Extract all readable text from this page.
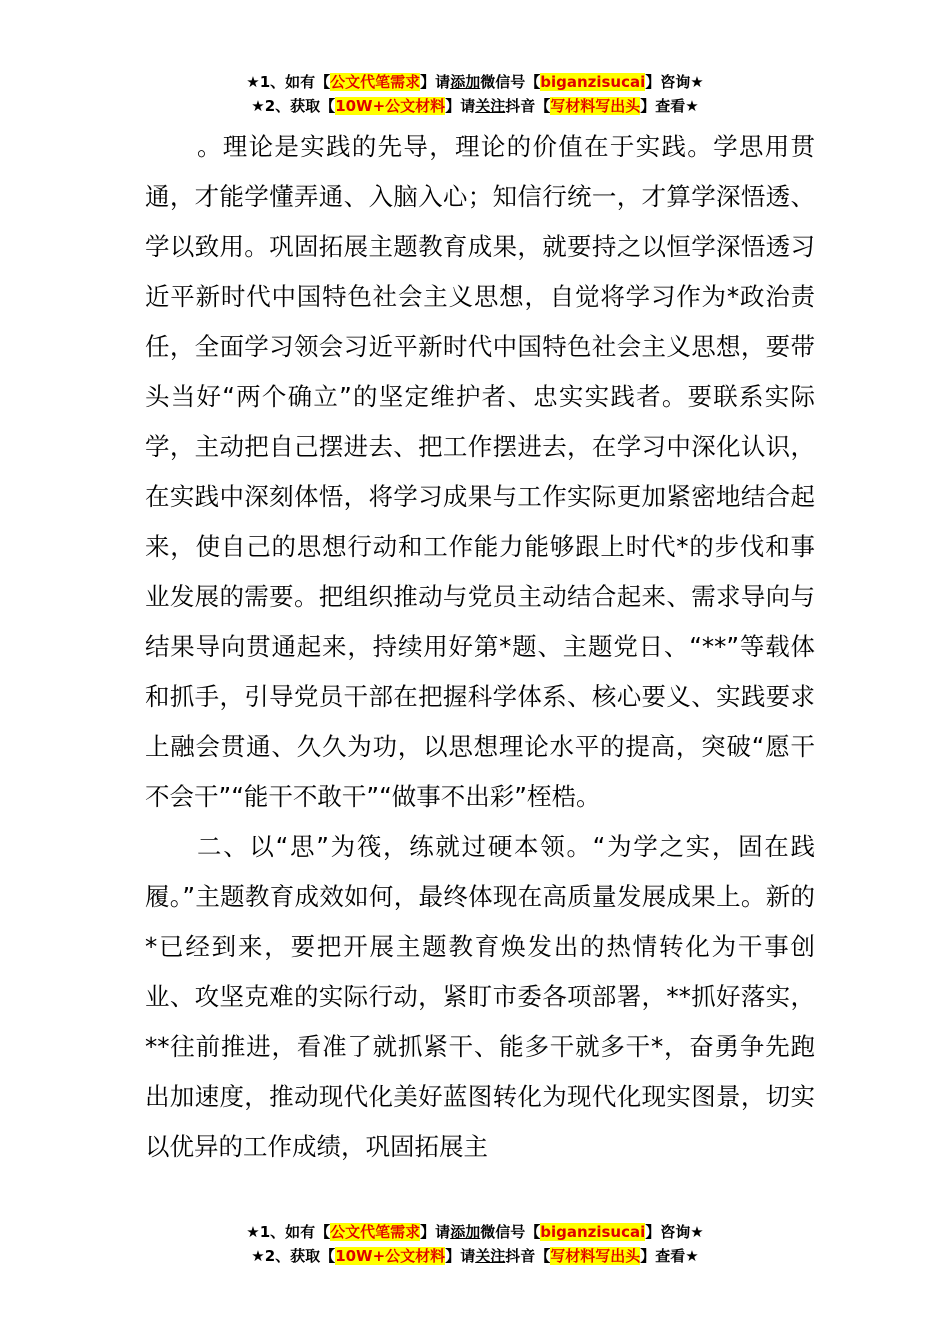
★1、如有【公文代笔需求】请添加微信号【biganzisucai】咨询★
★2、获取【10W+公文材料】请关注抖音【写材料写出头】查看★

。理论是实践的先导，理论的价值在于实践。学思用贯通，才能学懂弄通、入脑入心；知信行统一，才算学深悟透、学以致用。巩固拓展主题教育成果，就要持之以恒学深悟透习近平新时代中国特色社会主义思想，自觉将学习作为*政治责任，全面学习领会习近平新时代中国特色社会主义思想，要带头当好“两个确立”的坚定维护者、忠实实践者。要联系实际学，主动把自己摆进去、把工作摆进去，在学习中深化认识，在实践中深刻体悟，将学习成果与工作实际更加紧密地结合起来，使自己的思想行动和工作能力能够跟上时代*的步伐和事业发展的需要。把组织推动与党员主动结合起来、需求导向与结果导向贯通起来，持续用好第*题、主题党日、“**”等载体和抓手，引导党员干部在把握科学体系、核心要义、实践要求上融会贯通、久久为功，以思想理论水平的提高，突破“愿干不会干”“能干不敢干”“做事不出彩”桎梏。

二、以“思”为筏，练就过硬本领。“为学之实，固在践履。”主题教育成效如何，最终体现在高质量发展成果上。新的*已经到来，要把开展主题教育焕发出的热情转化为干事创业、攻坚克难的实际行动，紧盯市委各项部署，**抓好落实，**往前推进，看准了就抓紧干、能多干就多干*，奋勇争先跑出加速度，推动现代化美好蓝图转化为现代化现实图景，切实以优异的工作成绩，巩固拓展主

★1、如有【公文代笔需求】请添加微信号【biganzisucai】咨询★
★2、获取【10W+公文材料】请关注抖音【写材料写出头】查看★
